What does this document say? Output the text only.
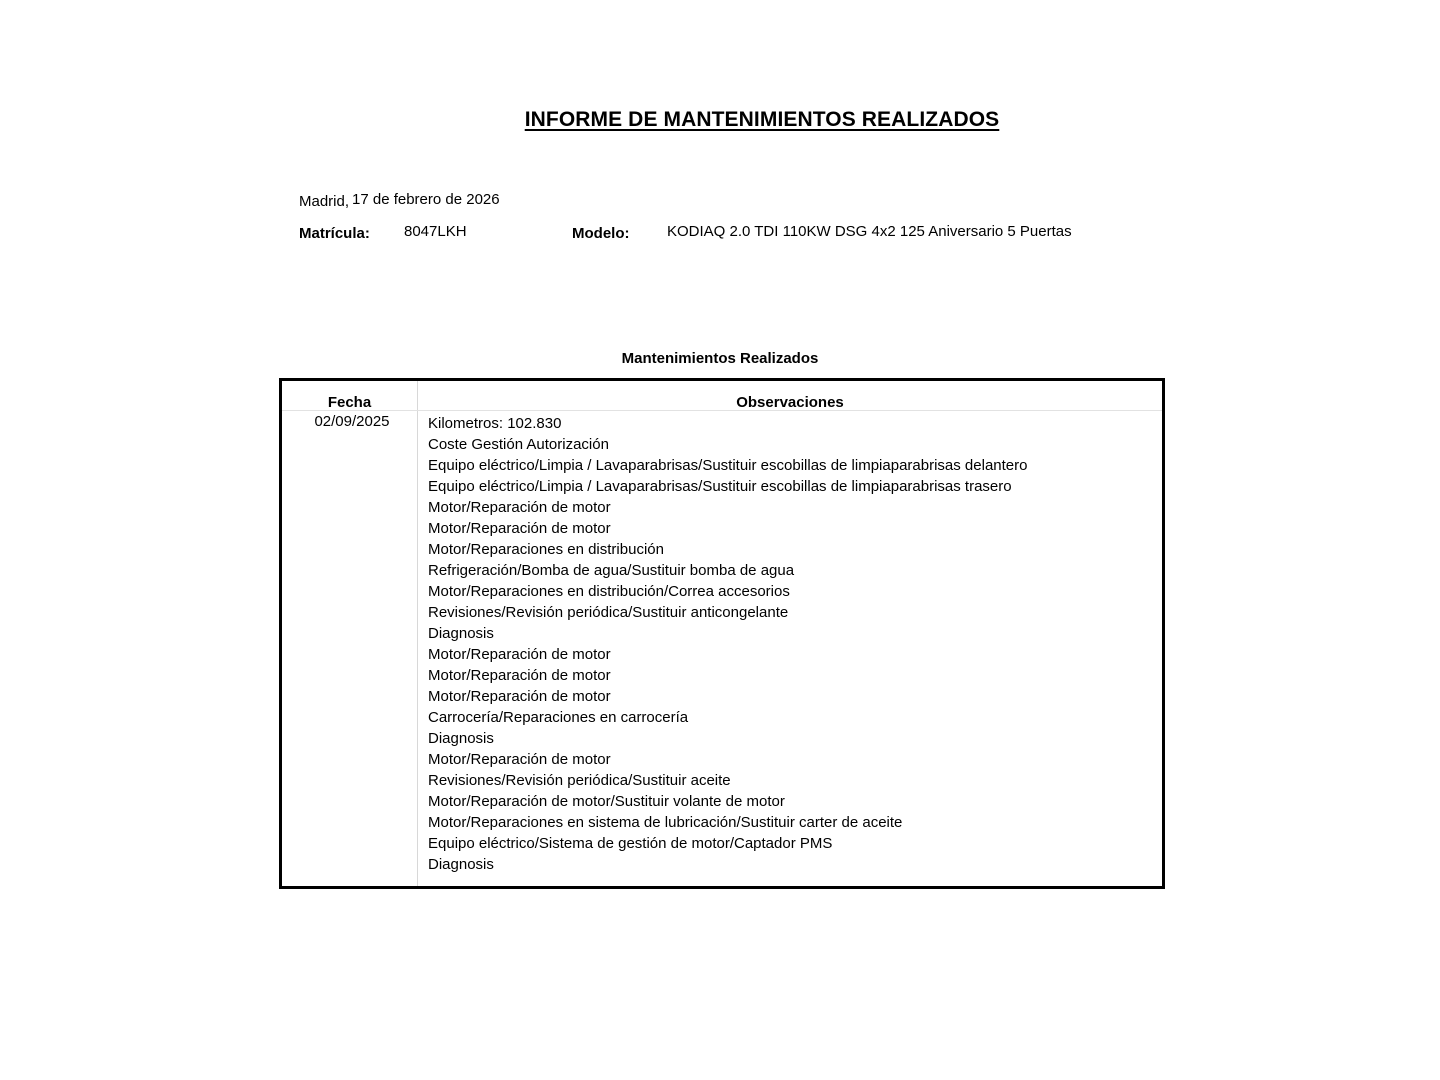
INFORME DE MANTENIMIENTOS REALIZADOS
Madrid, 17 de febrero de 2026
Matrícula: 8047LKH	Modelo:	KODIAQ 2.0 TDI 110KW DSG 4x2 125 Aniversario 5 Puertas
Mantenimientos Realizados
Fecha	Observaciones
02/09/2025	Kilometros: 102.830
Coste Gestión Autorización
Equipo eléctrico/Limpia / Lavaparabrisas/Sustituir escobillas de limpiaparabrisas delantero
Equipo eléctrico/Limpia / Lavaparabrisas/Sustituir escobillas de limpiaparabrisas trasero
Motor/Reparación de motor
Motor/Reparación de motor
Motor/Reparaciones en distribución
Refrigeración/Bomba de agua/Sustituir bomba de agua
Motor/Reparaciones en distribución/Correa accesorios
Revisiones/Revisión periódica/Sustituir anticongelante
Diagnosis
Motor/Reparación de motor
Motor/Reparación de motor
Motor/Reparación de motor
Carrocería/Reparaciones en carrocería
Diagnosis
Motor/Reparación de motor
Revisiones/Revisión periódica/Sustituir aceite
Motor/Reparación de motor/Sustituir volante de motor
Motor/Reparaciones en sistema de lubricación/Sustituir carter de aceite
Equipo eléctrico/Sistema de gestión de motor/Captador PMS
Diagnosis
